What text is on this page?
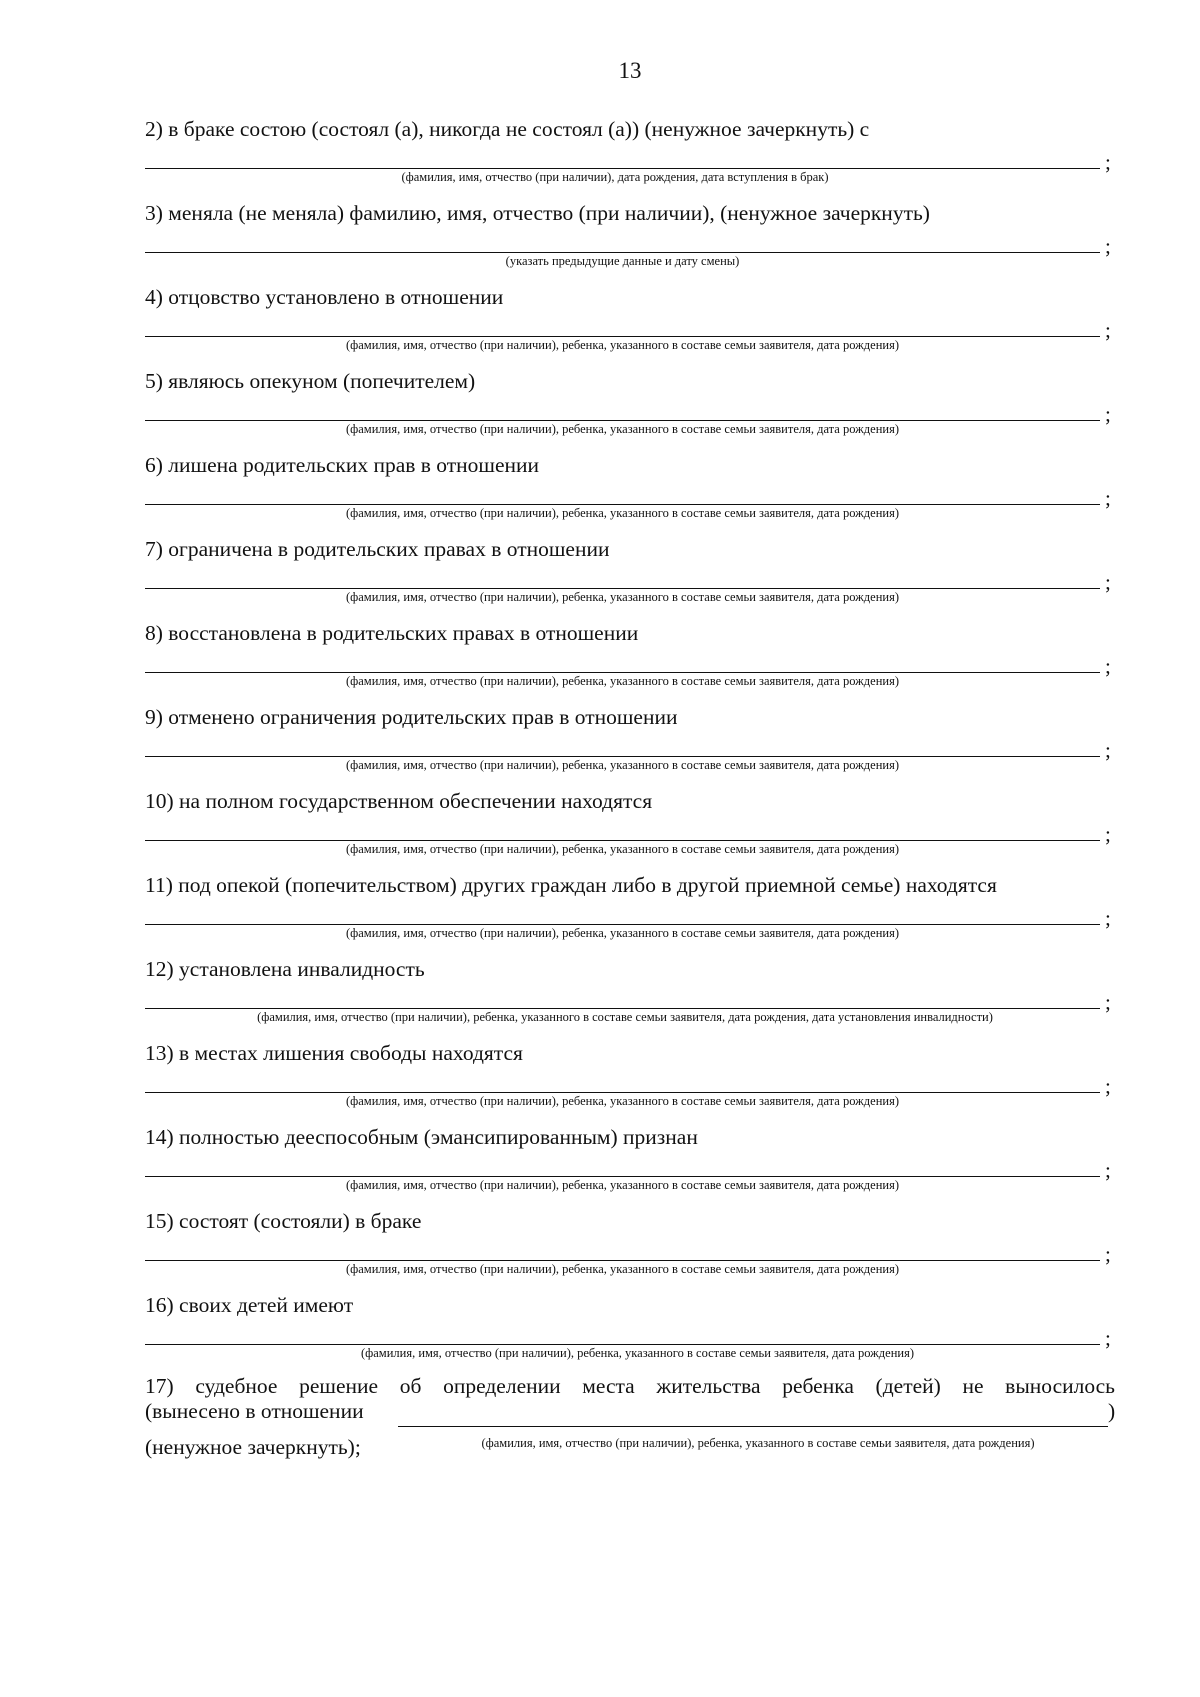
13
2) в браке состою (состоял (а), никогда не состоял (а)) (ненужное зачеркнуть) с
;
(фамилия, имя, отчество (при наличии), дата рождения, дата вступления в брак)
3) меняла (не меняла) фамилию, имя, отчество (при наличии), (ненужное зачеркнуть)
;
(указать предыдущие данные и дату смены)
4) отцовство установлено в отношении
;
(фамилия, имя, отчество (при наличии), ребенка, указанного в составе семьи заявителя, дата рождения)
5) являюсь опекуном (попечителем)
;
(фамилия, имя, отчество (при наличии), ребенка, указанного в составе семьи заявителя, дата рождения)
6) лишена родительских прав в отношении
;
(фамилия, имя, отчество (при наличии), ребенка, указанного в составе семьи заявителя, дата рождения)
7) ограничена в родительских правах в отношении
;
(фамилия, имя, отчество (при наличии), ребенка, указанного в составе семьи заявителя, дата рождения)
8) восстановлена в родительских правах в отношении
;
(фамилия, имя, отчество (при наличии), ребенка, указанного в составе семьи заявителя, дата рождения)
9) отменено ограничения родительских прав в отношении
;
(фамилия, имя, отчество (при наличии), ребенка, указанного в составе семьи заявителя, дата рождения)
10) на полном государственном обеспечении находятся
;
(фамилия, имя, отчество (при наличии), ребенка, указанного в составе семьи заявителя, дата рождения)
11) под опекой (попечительством) других граждан либо в другой приемной семье) находятся
;
(фамилия, имя, отчество (при наличии), ребенка, указанного в составе семьи заявителя, дата рождения)
12) установлена инвалидность
;
(фамилия, имя, отчество (при наличии), ребенка, указанного в составе семьи заявителя, дата рождения, дата установления инвалидности)
13) в местах лишения свободы находятся
;
(фамилия, имя, отчество (при наличии), ребенка, указанного в составе семьи заявителя, дата рождения)
14) полностью дееспособным (эмансипированным) признан
;
(фамилия, имя, отчество (при наличии), ребенка, указанного в составе семьи заявителя, дата рождения)
15) состоят (состояли) в браке
;
(фамилия, имя, отчество (при наличии), ребенка, указанного в составе семьи заявителя, дата рождения)
16) своих детей имеют
;
(фамилия, имя, отчество (при наличии), ребенка, указанного в составе семьи заявителя, дата рождения)
17) судебное решение об определении места жительства ребенка (детей) не выносилось
(вынесено в отношении	)
(фамилия, имя, отчество (при наличии), ребенка, указанного в составе семьи заявителя, дата рождения)
(ненужное зачеркнуть);
